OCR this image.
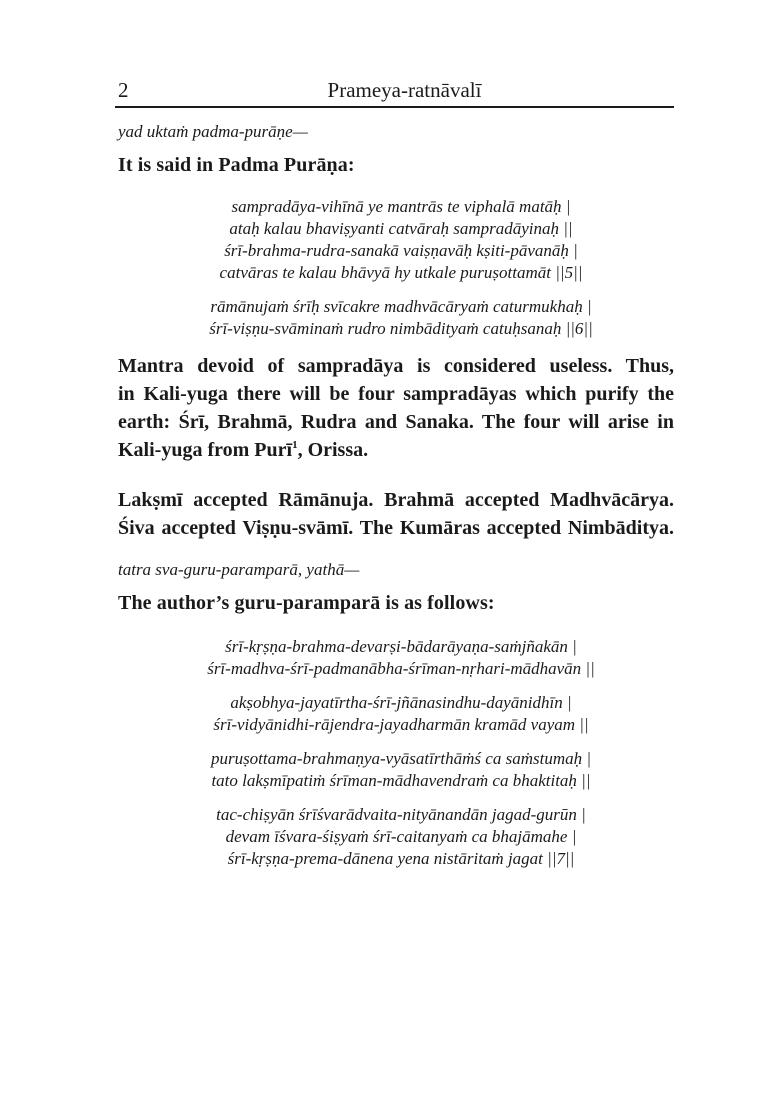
2	Prameya-ratnāvalī
yad uktaṁ padma-purāṇe—
It is said in Padma Purāṇa:
sampradāya-vihīnā ye mantrās te viphalā matāḥ |
ataḥ kalau bhaviṣyanti catvāraḥ sampradāyinaḥ ||
śrī-brahma-rudra-sanakā vaiṣṇavāḥ kṣiti-pāvanāḥ |
catvāras te kalau bhāvyā hy utkale puruṣottamāt ||5||
rāmānujaṁ śrīḥ svīcakre madhvācāryaṁ caturmukhaḥ |
śrī-viṣṇu-svāminaṁ rudro nimbādityaṁ catuḥsanaḥ ||6||
Mantra devoid of sampradāya is considered useless. Thus,
in Kali-yuga there will be four sampradāyas which purify the
earth: Śrī, Brahmā, Rudra and Sanaka. The four will arise in
Kali-yuga from Purī$^1$, Orissa.
Lakṣmī accepted Rāmānuja. Brahmā accepted Madhvācārya.
Śiva accepted Viṣṇu-svāmī. The Kumāras accepted Nimbāditya.
tatra sva-guru-paramparā, yathā—
The author’s guru-paramparā is as follows:
śrī-kṛṣṇa-brahma-devarṣi-bādarāyaṇa-saṁjñakān |
śrī-madhva-śrī-padmanābha-śrīman-nṛhari-mādhavān ||
akṣobhya-jayatīrtha-śrī-jñānasindhu-dayānidhīn |
śrī-vidyānidhi-rājendra-jayadharmān kramād vayam ||
puruṣottama-brahmaṇya-vyāsatīrthāṁś ca saṁstumaḥ |
tato lakṣmīpatiṁ śrīman-mādhavendraṁ ca bhaktitaḥ ||
tac-chiṣyān śrīśvarādvaita-nityānandān jagad-gurūn |
devam īśvara-śiṣyaṁ śrī-caitanyaṁ ca bhajāmahe |
śrī-kṛṣṇa-prema-dānena yena nistāritaṁ jagat ||7||
